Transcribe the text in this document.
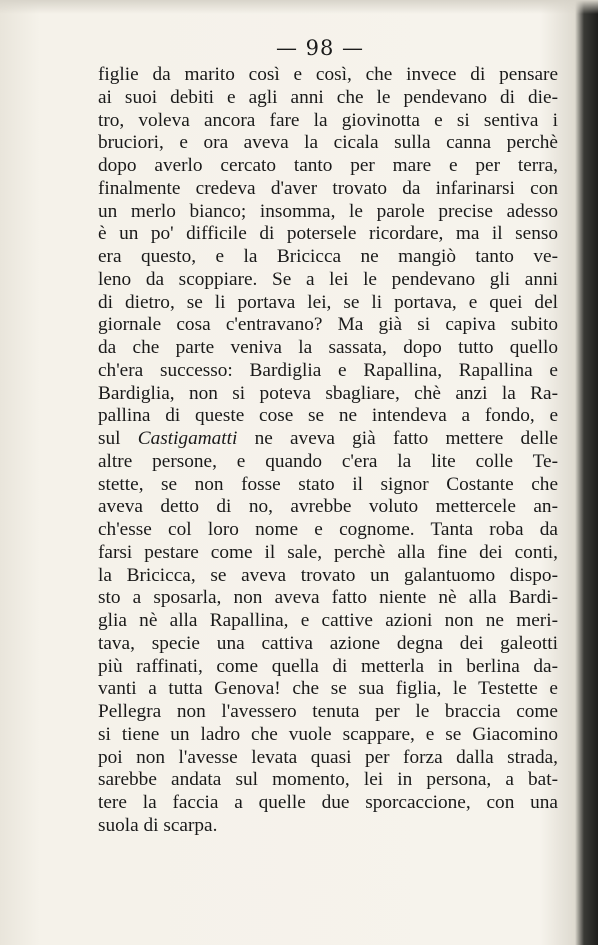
— 98 —
figlie da marito così e così, che invece di pensare
ai suoi debiti e agli anni che le pendevano di die-
tro, voleva ancora fare la giovinotta e si sentiva i
bruciori, e ora aveva la cicala sulla canna perchè
dopo averlo cercato tanto per mare e per terra,
finalmente credeva d'aver trovato da infarinarsi con
un merlo bianco; insomma, le parole precise adesso
è un po' difficile di potersele ricordare, ma il senso
era questo, e la Bricicca ne mangiò tanto ve-
leno da scoppiare. Se a lei le pendevano gli anni
di dietro, se li portava lei, se li portava, e quei del
giornale cosa c'entravano? Ma già si capiva subito
da che parte veniva la sassata, dopo tutto quello
ch'era successo: Bardiglia e Rapallina, Rapallina e
Bardiglia, non si poteva sbagliare, chè anzi la Ra-
pallina di queste cose se ne intendeva a fondo, e
sul Castigamatti ne aveva già fatto mettere delle
altre persone, e quando c'era la lite colle Te-
stette, se non fosse stato il signor Costante che
aveva detto di no, avrebbe voluto mettercele an-
ch'esse col loro nome e cognome. Tanta roba da
farsi pestare come il sale, perchè alla fine dei conti,
la Bricicca, se aveva trovato un galantuomo dispo-
sto a sposarla, non aveva fatto niente nè alla Bardi-
glia nè alla Rapallina, e cattive azioni non ne meri-
tava, specie una cattiva azione degna dei galeotti
più raffinati, come quella di metterla in berlina da-
vanti a tutta Genova! che se sua figlia, le Testette e
Pellegra non l'avessero tenuta per le braccia come
si tiene un ladro che vuole scappare, e se Giacomino
poi non l'avesse levata quasi per forza dalla strada,
sarebbe andata sul momento, lei in persona, a bat-
tere la faccia a quelle due sporcaccione, con una
suola di scarpa.
